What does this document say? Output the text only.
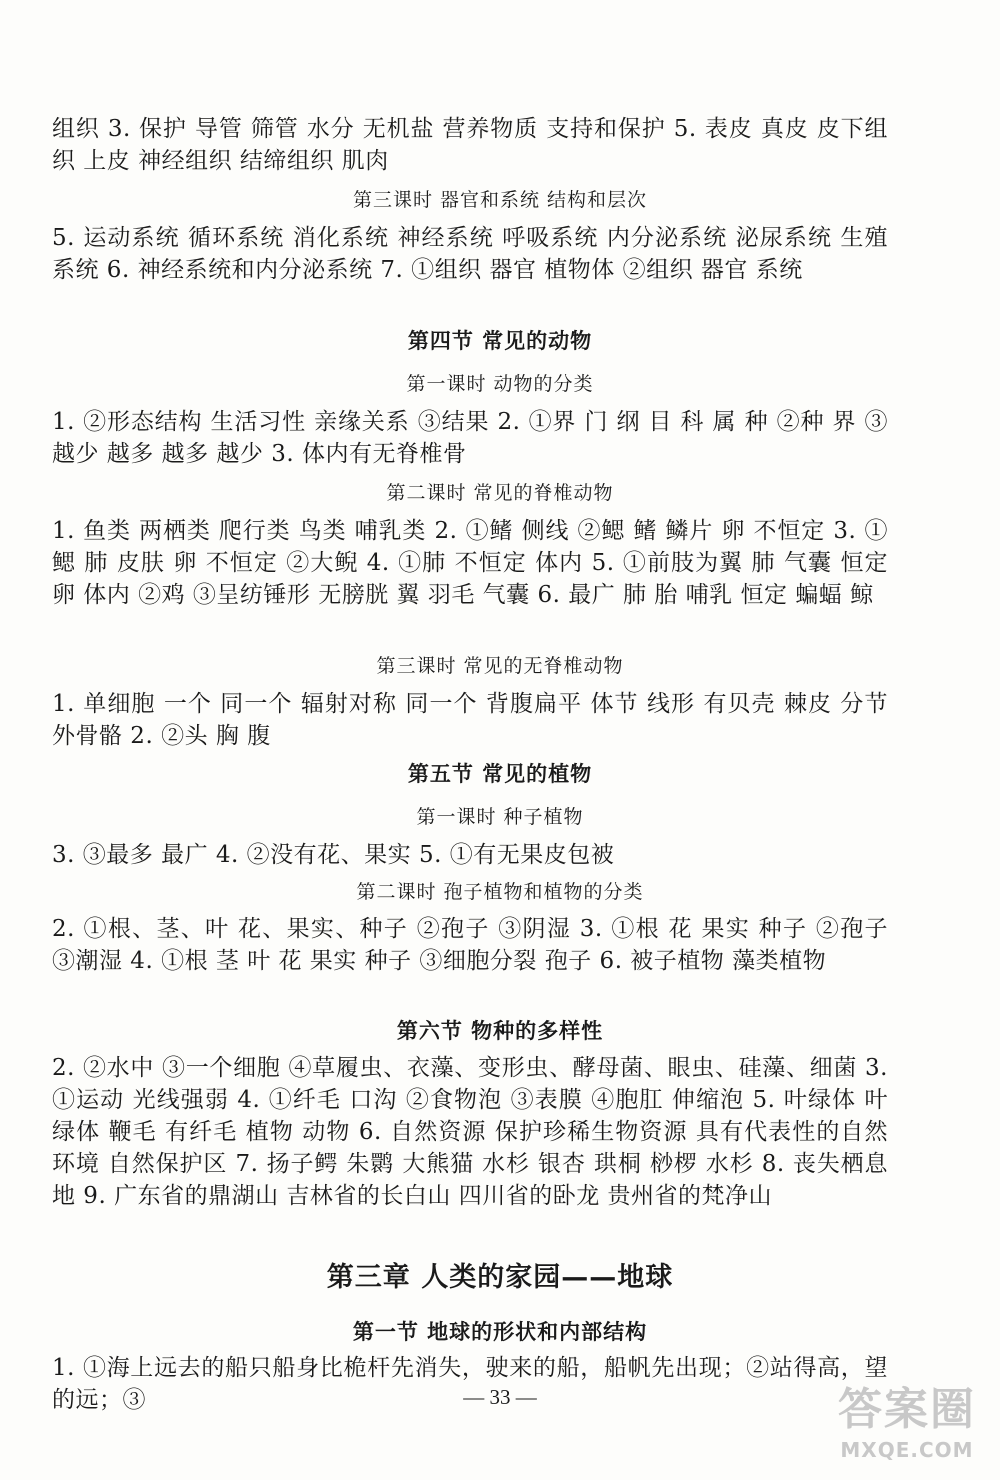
组织 3. 保护 导管 筛管 水分 无机盐 营养物质 支持和保护 5. 表皮 真皮 皮下组织 上皮 神经组织 结缔组织 肌肉
第三课时 器官和系统 结构和层次
5. 运动系统 循环系统 消化系统 神经系统 呼吸系统 内分泌系统 泌尿系统 生殖系统 6. 神经系统和内分泌系统 7. ①组织 器官 植物体 ②组织 器官 系统
第四节 常见的动物
第一课时 动物的分类
1. ②形态结构 生活习性 亲缘关系 ③结果 2. ①界 门 纲 目 科 属 种 ②种 界 ③越少 越多 越多 越少 3. 体内有无脊椎骨
第二课时 常见的脊椎动物
1. 鱼类 两栖类 爬行类 鸟类 哺乳类 2. ①鳍 侧线 ②鳃 鳍 鳞片 卵 不恒定 3. ①鳃 肺 皮肤 卵 不恒定 ②大鲵 4. ①肺 不恒定 体内 5. ①前肢为翼 肺 气囊 恒定 卵 体内 ②鸡 ③呈纺锤形 无膀胱 翼 羽毛 气囊 6. 最广 肺 胎 哺乳 恒定 蝙蝠 鲸
第三课时 常见的无脊椎动物
1. 单细胞 一个 同一个 辐射对称 同一个 背腹扁平 体节 线形 有贝壳 棘皮 分节 外骨骼 2. ②头 胸 腹
第五节 常见的植物
第一课时 种子植物
3. ③最多 最广 4. ②没有花、果实 5. ①有无果皮包被
第二课时 孢子植物和植物的分类
2. ①根、茎、叶 花、果实、种子 ②孢子 ③阴湿 3. ①根 花 果实 种子 ②孢子 ③潮湿 4. ①根 茎 叶 花 果实 种子 ③细胞分裂 孢子 6. 被子植物 藻类植物
第六节 物种的多样性
2. ②水中 ③一个细胞 ④草履虫、衣藻、变形虫、酵母菌、眼虫、硅藻、细菌 3. ①运动 光线强弱 4. ①纤毛 口沟 ②食物泡 ③表膜 ④胞肛 伸缩泡 5. 叶绿体 叶绿体 鞭毛 有纤毛 植物 动物 6. 自然资源 保护珍稀生物资源 具有代表性的自然环境 自然保护区 7. 扬子鳄 朱鹮 大熊猫 水杉 银杏 珙桐 桫椤 水杉 8. 丧失栖息地 9. 广东省的鼎湖山 吉林省的长白山 四川省的卧龙 贵州省的梵净山
第三章 人类的家园——地球
第一节 地球的形状和内部结构
1. ①海上远去的船只船身比桅杆先消失，驶来的船，船帆先出现；②站得高，望的远；③	— 33 —	答案圈
MXQE.COM
